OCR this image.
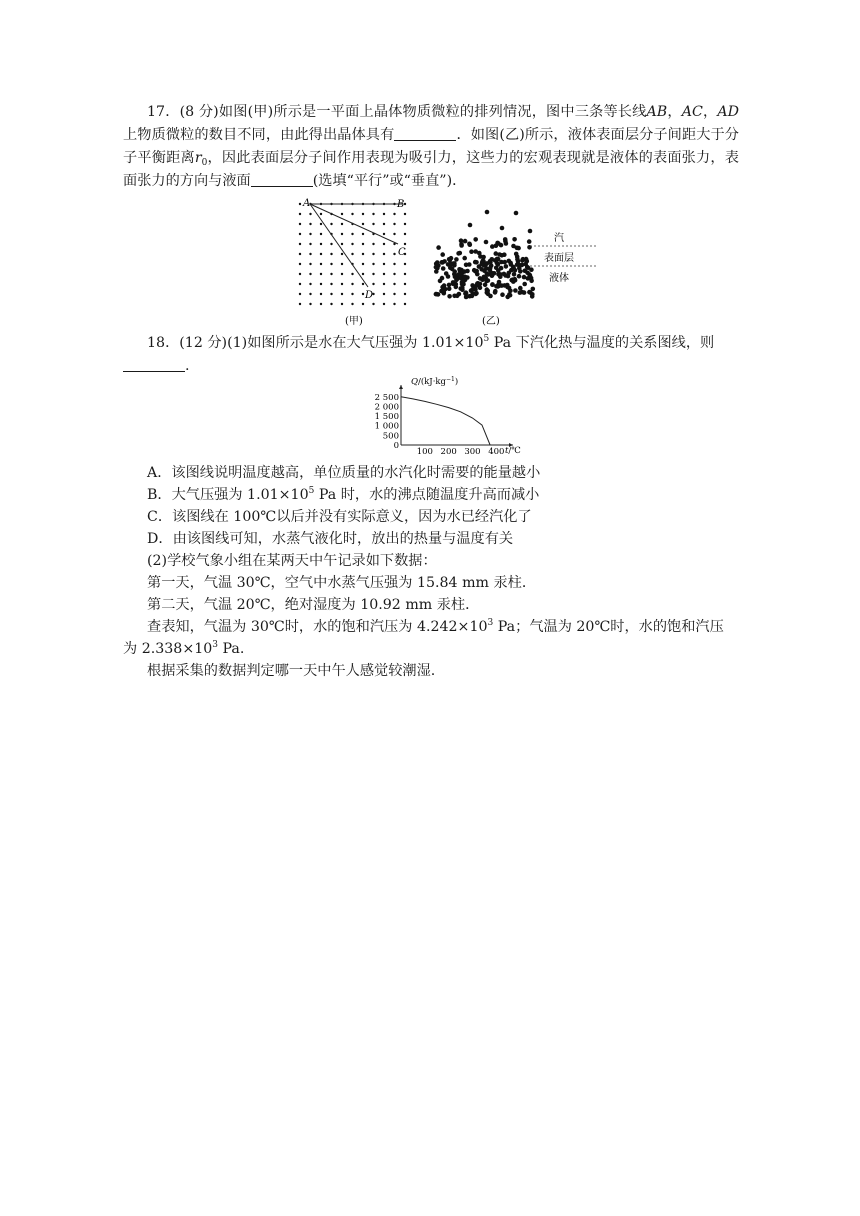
17．(8 分)如图(甲)所示是一平面上晶体物质微粒的排列情况，图中三条等长线AB，AC，AD上物质微粒的数目不同，由此得出晶体具有	．如图(乙)所示，液体表面层分子间距大于分子平衡距离$r_0$，因此表面层分子间作用表现为吸引力，这些力的宏观表现就是液体的表面张力，表面张力的方向与液面	(选填“平行”或“垂直”)．
A	B
C
D
(甲)
汽
表面层
液体
(乙)
18．(12 分)(1)如图所示是水在大气压强为 $1.01\times 10^5$ Pa 下汽化热与温度的关系图线，则
.
2 500
2 000
1 500
1 000
500
0
100 200 300 400
$Q/(kJ\cdot kg^{-1})$
t/℃
A．该图线说明温度越高，单位质量的水汽化时需要的能量越小
B．大气压强为 $1.01\times 10^5$ Pa 时，水的沸点随温度升高而减小
C．该图线在 100℃以后并没有实际意义，因为水已经汽化了
D．由该图线可知，水蒸气液化时，放出的热量与温度有关
(2)学校气象小组在某两天中午记录如下数据：
第一天，气温 30℃，空气中水蒸气压强为 15.84 mm 汞柱．
第二天，气温 20℃，绝对湿度为 10.92 mm 汞柱．
查表知，气温为 30℃时，水的饱和汽压为 $4.242\times 10^3$ Pa；气温为 20℃时，水的饱和汽压
为 $2.338\times 10^3$ Pa.
根据采集的数据判定哪一天中午人感觉较潮湿.
